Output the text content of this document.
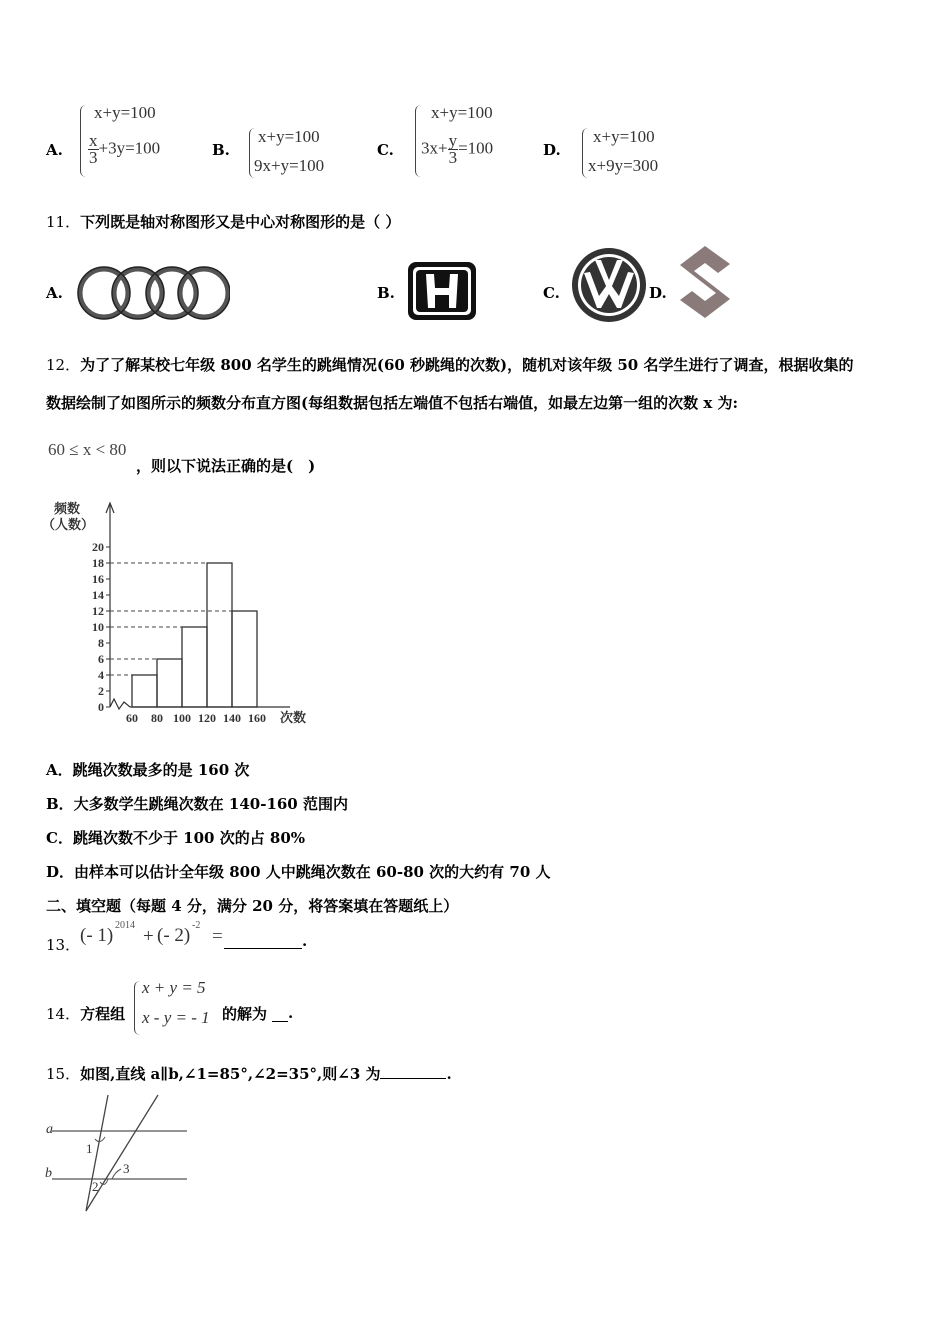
A.
x+y=100
$\frac{x}{3} +3y=100$	B.
x+y=100
9x+y=100
C.
x+y=100
$3x+ \frac{y}{3} =100$	D.
x+y=100
x+9y=300
11．下列既是轴对称图形又是中心对称图形的是（ ）
A.	B.	C.	D.
12．为了了解某校七年级 800 名学生的跳绳情况(60 秒跳绳的次数)，随机对该年级 50 名学生进行了调查，根据收集的
数据绘制了如图所示的频数分布直方图(每组数据包括左端值不包括右端值，如最左边第一组的次数 x 为:
60 ≤ x < 80
，则以下说法正确的是(　)
频数
（人数）
0
2
4
6
8
10
12
14
16
18
20
60 80 100 120 140 160 次数
A．跳绳次数最多的是 160 次
B．大多数学生跳绳次数在 140-160 范围内
C．跳绳次数不少于 100 次的占 80%
D．由样本可以估计全年级 800 人中跳绳次数在 60-80 次的大约有 70 人
二、填空题（每题 4 分，满分 20 分，将答案填在答题纸上）
13． (- 1) 2014
+ (- 2) -2
=	.
14．方程组
x + y = 5
x - y = - 1 的解为 .
15．如图,直线 a∥b,∠1=85°,∠2=35°,则∠3 为	.
a
b
1
2
3
